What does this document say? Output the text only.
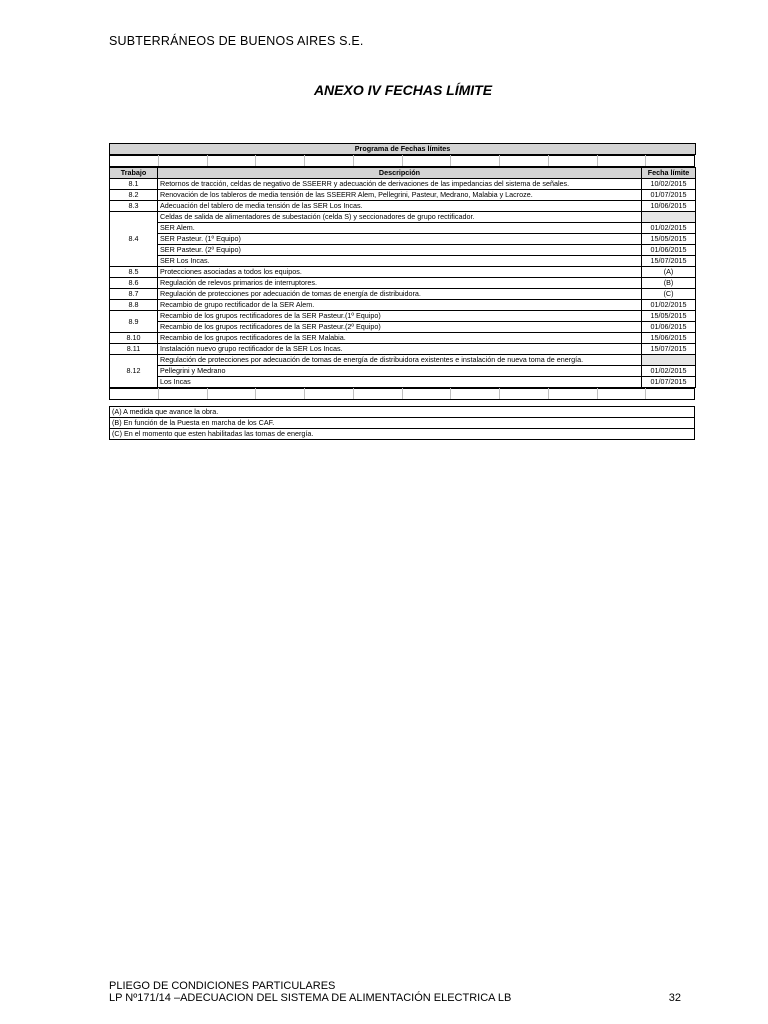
SUBTERRÁNEOS DE BUENOS AIRES S.E.
ANEXO IV FECHAS LÍMITE
Programa de Fechas límites

Trabajo	Descripción	Fecha límite
8.1	Retornos de tracción, celdas de negativo de SSEERR y adecuación de derivaciones de las impedancias del sistema de señales.	10/02/2015
8.2	Renovación de los tableros de media tensión de las SSEERR Alem, Pellegrini, Pasteur, Medrano, Malabia y Lacroze.	01/07/2015
8.3	Adecuación del tablero de media tensión de las SER Los Incas.	10/06/2015
8.4	Celdas de salida de alimentadores de subestación (celda S) y seccionadores de grupo rectificador.	
	SER Alem.	01/02/2015
	SER Pasteur. (1º Equipo)	15/05/2015
	SER Pasteur. (2º Equipo)	01/06/2015
	SER Los Incas.	15/07/2015
8.5	Protecciones asociadas a todos los equipos.	(A)
8.6	Regulación de relevos primarios de interruptores.	(B)
8.7	Regulación de protecciones por adecuación de tomas de energía de distribuidora.	(C)
8.8	Recambio de grupo rectificador de la SER Alem.	01/02/2015
8.9	Recambio de los grupos rectificadores de la SER Pasteur.(1º Equipo)	15/05/2015
	Recambio de los grupos rectificadores de la SER Pasteur.(2º Equipo)	01/06/2015
8.10	Recambio de los grupos rectificadores de la SER Malabia.	15/06/2015
8.11	Instalación nuevo grupo rectificador de la SER Los Incas.	15/07/2015
8.12	Regulación de protecciones por adecuación de tomas de energía de distribuidora existentes e instalación de nueva toma de energía.	
	Pellegrini y Medrano	01/02/2015
	Los Incas	01/07/2015

(A) A medida que avance la obra.
(B) En función de la Puesta en marcha de los CAF.
(C) En el momento que esten habilitadas las tomas de energía.
PLIEGO DE CONDICIONES PARTICULARES
LP Nº171/14 –ADECUACION DEL SISTEMA DE ALIMENTACIÓN ELECTRICA LB	32
